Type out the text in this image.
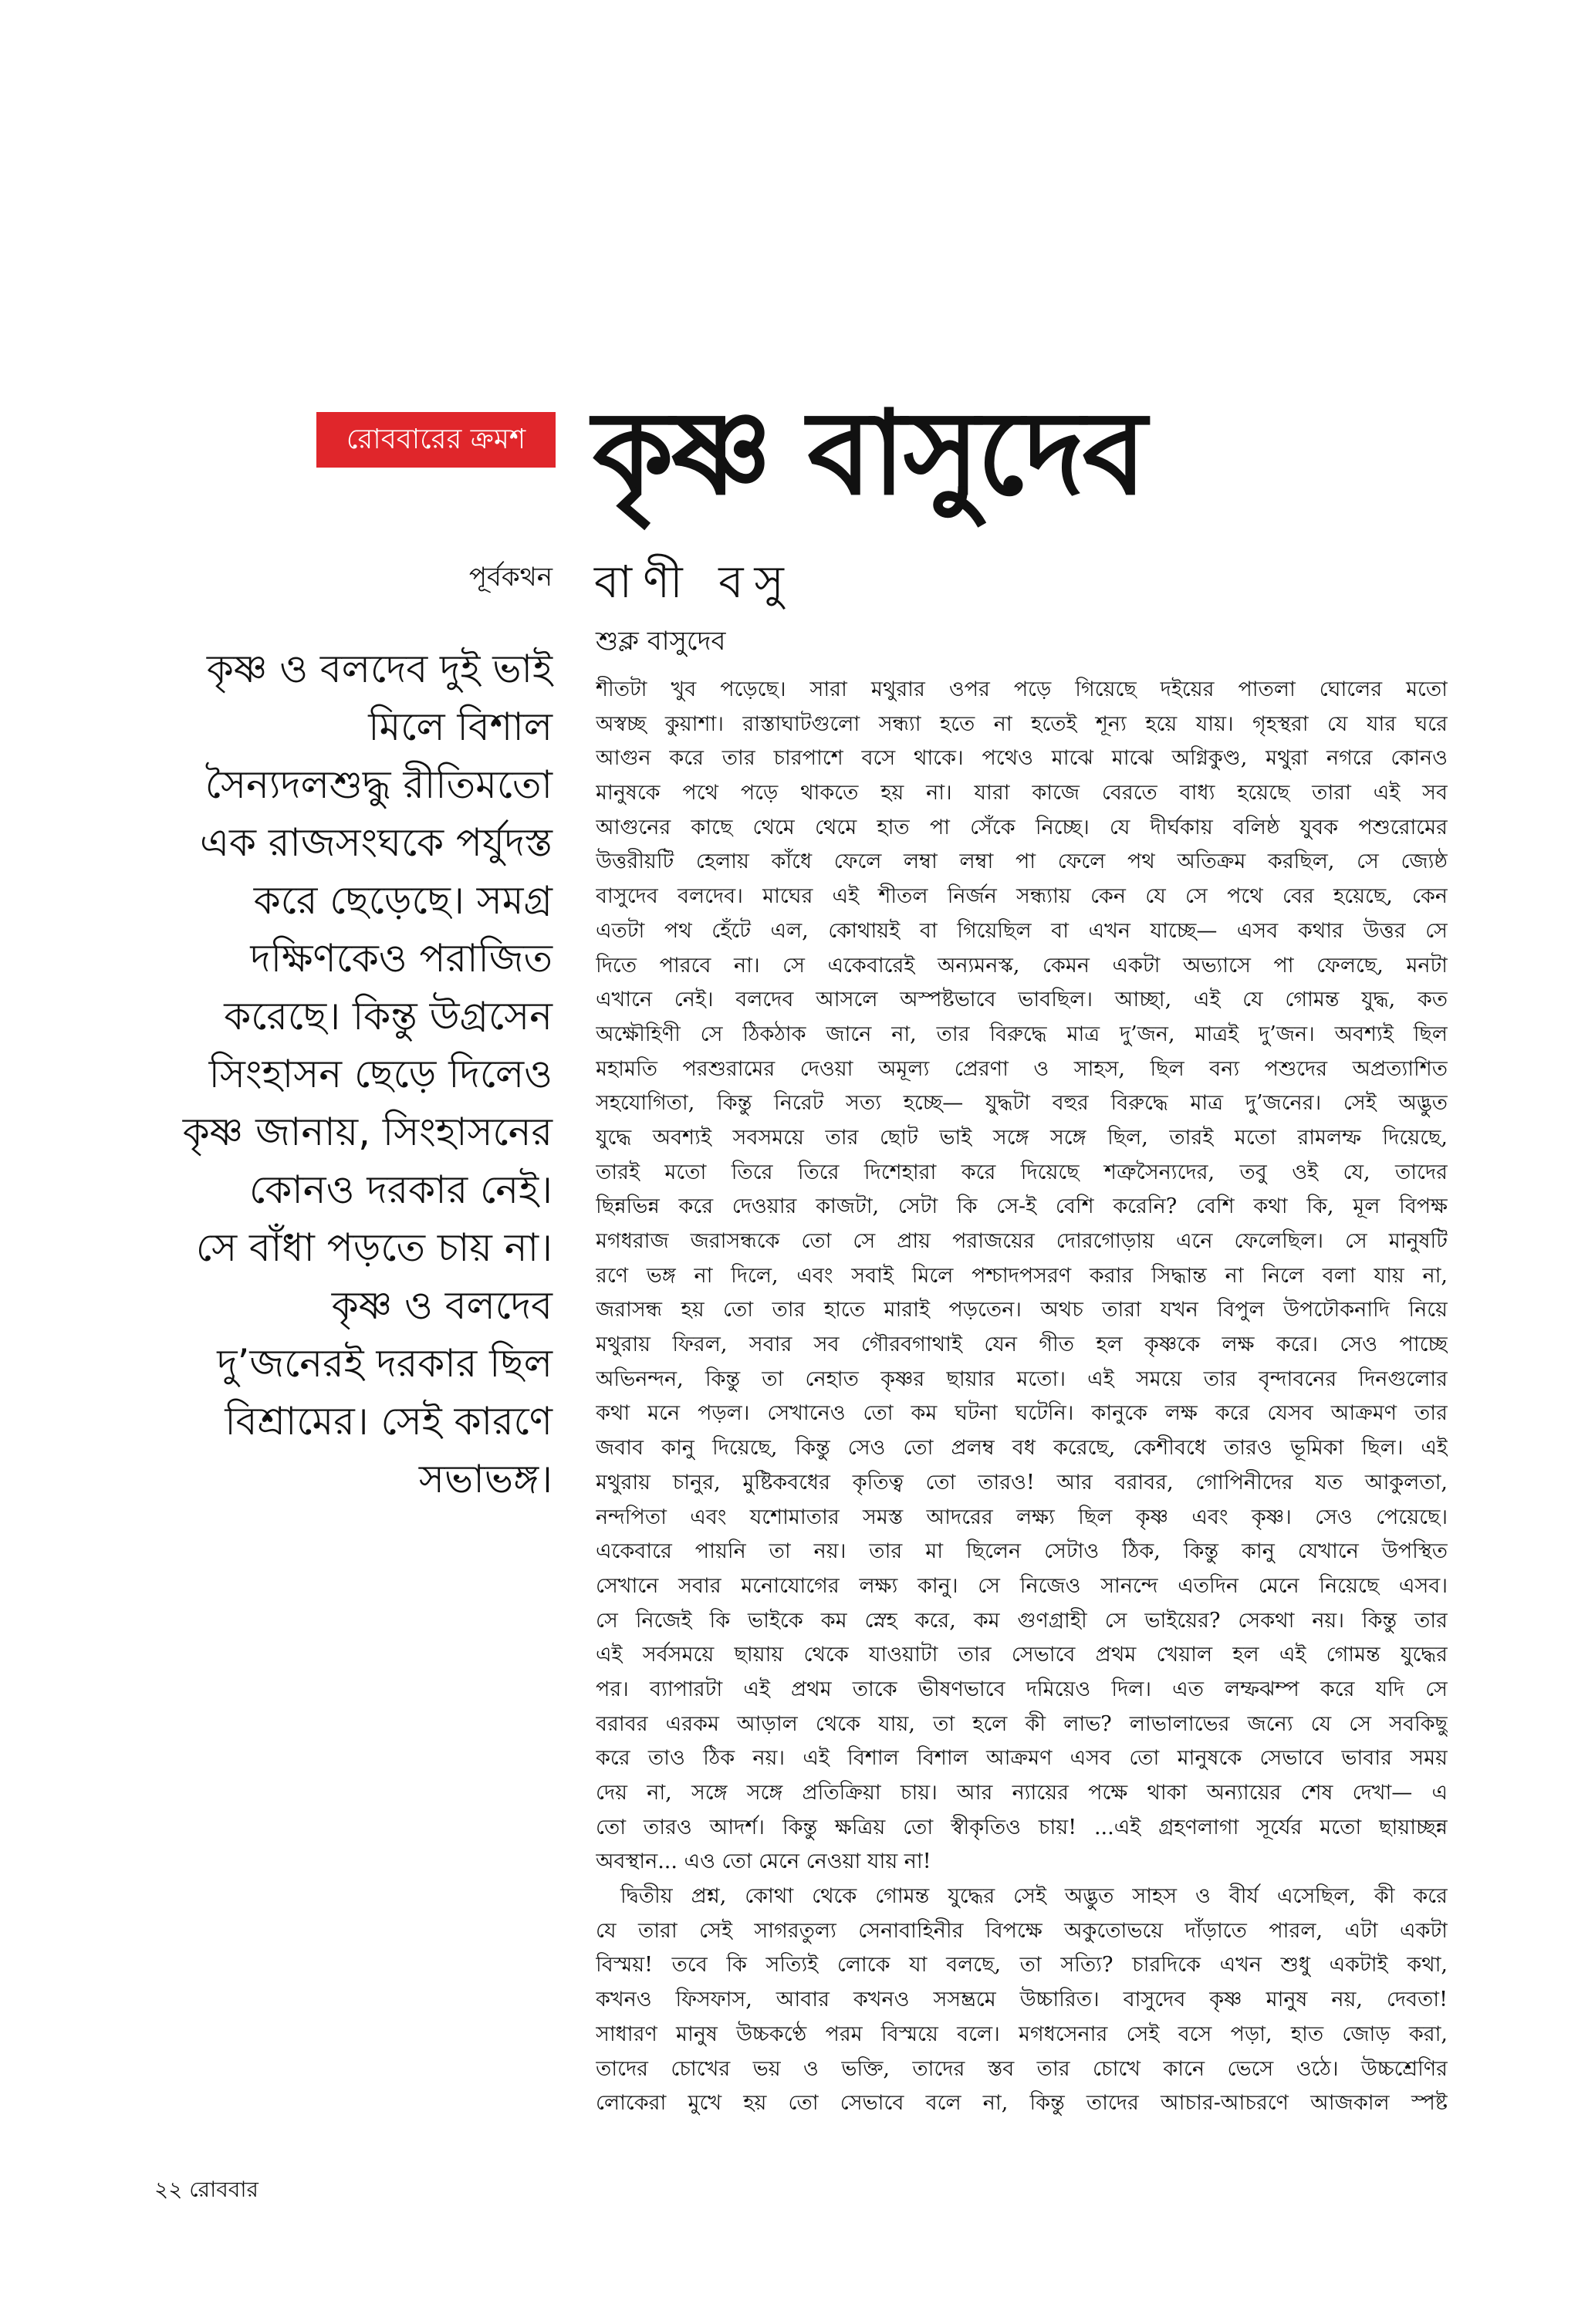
রোববারের ক্রমশ কৃষ্ণ বাসুদেব
বাণী বসু
শুক্ল বাসুদেব
পূর্বকথন
কৃষ্ণ ও বলদেব দুই ভাই
মিলে বিশাল
সৈন্যদলশুদ্ধু রীতিমতো
এক রাজসংঘকে পর্যুদস্ত
করে ছেড়েছে। সমগ্র
দক্ষিণকেও পরাজিত
করেছে। কিন্তু উগ্রসেন
সিংহাসন ছেড়ে দিলেও
কৃষ্ণ জানায়, সিংহাসনের
কোনও দরকার নেই।
সে বাঁধা পড়তে চায় না।
কৃষ্ণ ও বলদেব
দু’জনেরই দরকার ছিল
বিশ্রামের। সেই কারণে
সভাভঙ্গ।
শীতটা খুব পড়েছে। সারা মথুরার ওপর পড়ে গিয়েছে দইয়ের পাতলা ঘোলের মতো
অস্বচ্ছ কুয়াশা। রাস্তাঘাটগুলো সন্ধ্যা হতে না হতেই শূন্য হয়ে যায়। গৃহস্থরা যে যার ঘরে
আগুন করে তার চারপাশে বসে থাকে। পথেও মাঝে মাঝে অগ্নিকুণ্ড, মথুরা নগরে কোনও
মানুষকে পথে পড়ে থাকতে হয় না। যারা কাজে বেরতে বাধ্য হয়েছে তারা এই সব
আগুনের কাছে থেমে থেমে হাত পা সেঁকে নিচ্ছে। যে দীর্ঘকায় বলিষ্ঠ যুবক পশুরোমের
উত্তরীয়টি হেলায় কাঁধে ফেলে লম্বা লম্বা পা ফেলে পথ অতিক্রম করছিল, সে জ্যেষ্ঠ
বাসুদেব বলদেব। মাঘের এই শীতল নির্জন সন্ধ্যায় কেন যে সে পথে বের হয়েছে, কেন
এতটা পথ হেঁটে এল, কোথায়ই বা গিয়েছিল বা এখন যাচ্ছে— এসব কথার উত্তর সে
দিতে পারবে না। সে একেবারেই অন্যমনস্ক, কেমন একটা অভ্যাসে পা ফেলছে, মনটা
এখানে নেই। বলদেব আসলে অস্পষ্টভাবে ভাবছিল। আচ্ছা, এই যে গোমন্ত যুদ্ধ, কত
অক্ষৌহিণী সে ঠিকঠাক জানে না, তার বিরুদ্ধে মাত্র দু’জন, মাত্রই দু’জন। অবশ্যই ছিল
মহামতি পরশুরামের দেওয়া অমূল্য প্রেরণা ও সাহস, ছিল বন্য পশুদের অপ্রত্যাশিত
সহযোগিতা, কিন্তু নিরেট সত্য হচ্ছে— যুদ্ধটা বহুর বিরুদ্ধে মাত্র দু’জনের। সেই অদ্ভুত
যুদ্ধে অবশ্যই সবসময়ে তার ছোট ভাই সঙ্গে সঙ্গে ছিল, তারই মতো রামলম্ফ দিয়েছে,
তারই মতো তিরে তিরে দিশেহারা করে দিয়েছে শত্রুসৈন্যদের, তবু ওই যে, তাদের
ছিন্নভিন্ন করে দেওয়ার কাজটা, সেটা কি সে-ই বেশি করেনি? বেশি কথা কি, মূল বিপক্ষ
মগধরাজ জরাসন্ধকে তো সে প্রায় পরাজয়ের দোরগোড়ায় এনে ফেলেছিল। সে মানুষটি
রণে ভঙ্গ না দিলে, এবং সবাই মিলে পশ্চাদপসরণ করার সিদ্ধান্ত না নিলে বলা যায় না,
জরাসন্ধ হয় তো তার হাতে মারাই পড়তেন। অথচ তারা যখন বিপুল উপঢৌকনাদি নিয়ে
মথুরায় ফিরল, সবার সব গৌরবগাথাই যেন গীত হল কৃষ্ণকে লক্ষ করে। সেও পাচ্ছে
অভিনন্দন, কিন্তু তা নেহাত কৃষ্ণর ছায়ার মতো। এই সময়ে তার বৃন্দাবনের দিনগুলোর
কথা মনে পড়ল। সেখানেও তো কম ঘটনা ঘটেনি। কানুকে লক্ষ করে যেসব আক্রমণ তার
জবাব কানু দিয়েছে, কিন্তু সেও তো প্রলম্ব বধ করেছে, কেশীবধে তারও ভূমিকা ছিল। এই
মথুরায় চানুর, মুষ্টিকবধের কৃতিত্ব তো তারও! আর বরাবর, গোপিনীদের যত আকুলতা,
নন্দপিতা এবং যশোমাতার সমস্ত আদরের লক্ষ্য ছিল কৃষ্ণ এবং কৃষ্ণ। সেও পেয়েছে।
একেবারে পায়নি তা নয়। তার মা ছিলেন সেটাও ঠিক, কিন্তু কানু যেখানে উপস্থিত
সেখানে সবার মনোযোগের লক্ষ্য কানু। সে নিজেও সানন্দে এতদিন মেনে নিয়েছে এসব।
সে নিজেই কি ভাইকে কম স্নেহ করে, কম গুণগ্রাহী সে ভাইয়ের? সেকথা নয়। কিন্তু তার
এই সর্বসময়ে ছায়ায় থেকে যাওয়াটা তার সেভাবে প্রথম খেয়াল হল এই গোমন্ত যুদ্ধের
পর। ব্যাপারটা এই প্রথম তাকে ভীষণভাবে দমিয়েও দিল। এত লম্ফঝম্প করে যদি সে
বরাবর এরকম আড়াল থেকে যায়, তা হলে কী লাভ? লাভালাভের জন্যে যে সে সবকিছু
করে তাও ঠিক নয়। এই বিশাল বিশাল আক্রমণ এসব তো মানুষকে সেভাবে ভাবার সময়
দেয় না, সঙ্গে সঙ্গে প্রতিক্রিয়া চায়। আর ন্যায়ের পক্ষে থাকা অন্যায়ের শেষ দেখা— এ
তো তারও আদর্শ। কিন্তু ক্ষত্রিয় তো স্বীকৃতিও চায়! ...এই গ্রহণলাগা সূর্যের মতো ছায়াচ্ছন্ন
অবস্থান... এও তো মেনে নেওয়া যায় না!
দ্বিতীয় প্রশ্ন, কোথা থেকে গোমন্ত যুদ্ধের সেই অদ্ভুত সাহস ও বীর্য এসেছিল, কী করে
যে তারা সেই সাগরতুল্য সেনাবাহিনীর বিপক্ষে অকুতোভয়ে দাঁড়াতে পারল, এটা একটা
বিস্ময়! তবে কি সত্যিই লোকে যা বলছে, তা সত্যি? চারদিকে এখন শুধু একটাই কথা,
কখনও ফিসফাস, আবার কখনও সসম্ভ্রমে উচ্চারিত। বাসুদেব কৃষ্ণ মানুষ নয়, দেবতা!
সাধারণ মানুষ উচ্চকণ্ঠে পরম বিস্ময়ে বলে। মগধসেনার সেই বসে পড়া, হাত জোড় করা,
তাদের চোখের ভয় ও ভক্তি, তাদের স্তব তার চোখে কানে ভেসে ওঠে। উচ্চশ্রেণির
লোকেরা মুখে হয় তো সেভাবে বলে না, কিন্তু তাদের আচার-আচরণে আজকাল স্পষ্ট
২২ রোববার
